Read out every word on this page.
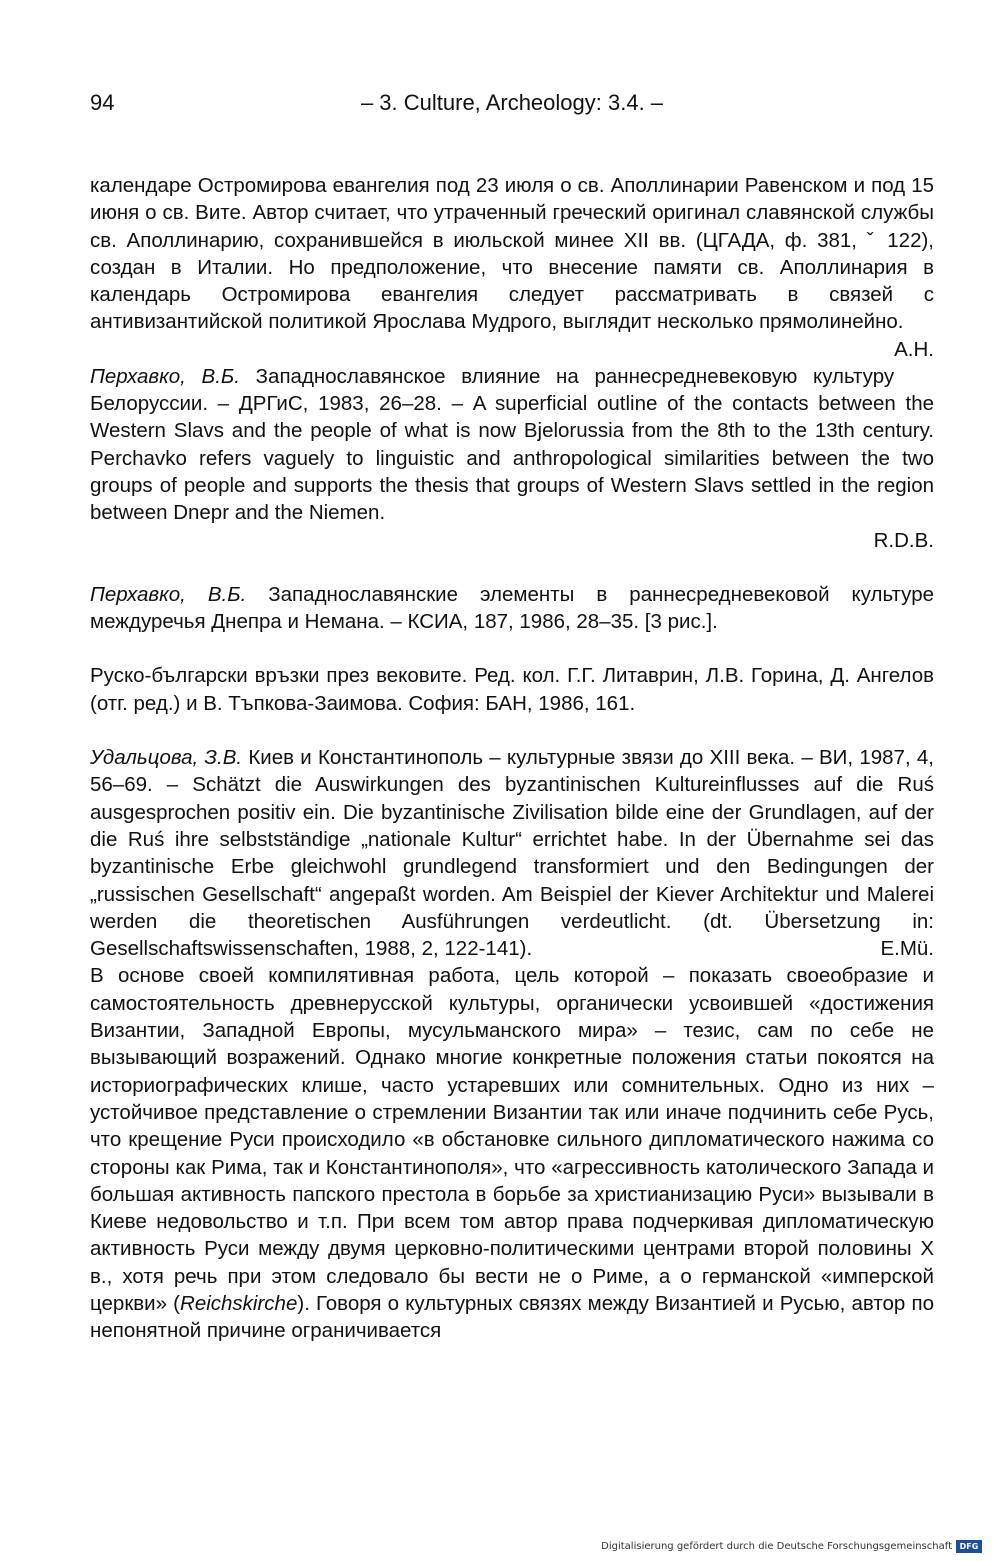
94	– 3. Culture, Archeology: 3.4. –

календаре Остромирова евангелия под 23 июля о св. Аполлинарии Равенском и под 15 июня о св. Вите. Автор считает, что утраченный греческий оригинал славянской службы св. Аполлинарию, сохранившейся в июльской минее XII вв. (ЦГАДА, ф. 381, ˇ 122), создан в Италии. Но предположение, что внесение памяти св. Аполлинария в календарь Остромирова евангелия следует рассматривать в связей с антивизантийской политикой Ярослава Мудрого, выглядит несколько прямолинейно.
А.Н.

Перхавко, В.Б. Западнославянское влияние на раннесредневековую культуру Белоруссии. – ДРГиС, 1983, 26–28. – A superficial outline of the contacts between the Western Slavs and the people of what is now Bjelorussia from the 8th to the 13th century. Perchavko refers vaguely to linguistic and anthropological similarities between the two groups of people and supports the thesis that groups of Western Slavs settled in the region between Dnepr and the Niemen.
R.D.B.

Перхавко, В.Б. Западнославянские элементы в раннесредневековой культуре междуречья Днепра и Немана. – КСИА, 187, 1986, 28–35. [3 рис.].

Руско-български връзки през вековите. Ред. кол. Г.Г. Литаврин, Л.В. Горина, Д. Ангелов (отг. ред.) и В. Тъпкова-Заимова. София: БАН, 1986, 161.

Удальцова, З.В. Киев и Константинополь – культурные звязи до XIII века. – ВИ, 1987, 4, 56–69. – Schätzt die Auswirkungen des byzantinischen Kultureinflusses auf die Ruś ausgesprochen positiv ein. Die byzantinische Zivilisation bilde eine der Grundlagen, auf der die Ruś ihre selbstständige „nationale Kultur“ errichtet habe. In der Übernahme sei das byzantinische Erbe gleichwohl grundlegend transformiert und den Bedingungen der „russischen Gesellschaft“ angepaßt worden. Am Beispiel der Kiever Architektur und Malerei werden die theoretischen Ausführungen verdeutlicht. (dt. Übersetzung in: Gesellschaftswissenschaften, 1988, 2, 122-141).	E.Mü.

В основе своей компилятивная работа, цель которой – показать своеобразие и самостоятельность древнерусской культуры, органически усвоившей «достижения Византии, Западной Европы, мусульманского мира» – тезис, сам по себе не вызывающий возражений. Однако многие конкретные положения статьи покоятся на историографических клише, часто устаревших или сомнительных. Одно из них – устойчивое представление о стремлении Византии так или иначе подчинить себе Русь, что крещение Руси происходило «в обстановке сильного дипломатического нажима со стороны как Рима, так и Константинополя», что «агрессивность католического Запада и большая активность папского престола в борьбе за христианизацию Руси» вызывали в Киеве недовольство и т.п. При всем том автор права подчеркивая дипломатическую активность Руси между двумя церковно-политическими центрами второй половины X в., хотя речь при этом следовало бы вести не о Риме, а о германской «имперской церкви» (Reichskirche). Говоря о культурных связях между Византией и Русью, автор по непонятной причине ограничивается

Digitalisierung gefördert durch die Deutsche Forschungsgemeinschaft DFG
